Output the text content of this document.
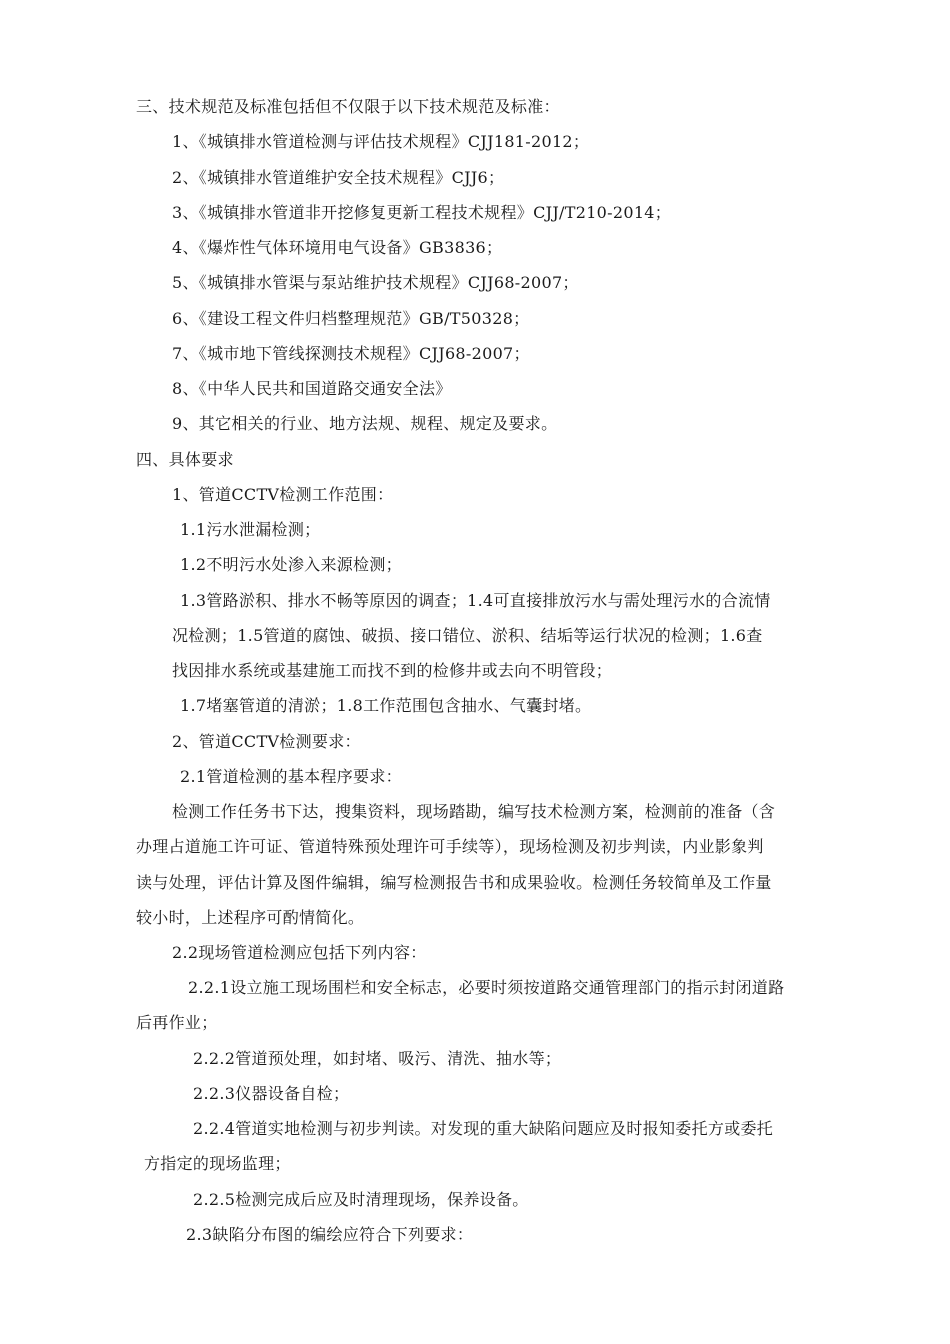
三、技术规范及标准包括但不仅限于以下技术规范及标准：
1、《城镇排水管道检测与评估技术规程》CJJ181-2012；
2、《城镇排水管道维护安全技术规程》CJJ6；
3、《城镇排水管道非开挖修复更新工程技术规程》CJJ/T210-2014；
4、《爆炸性气体环境用电气设备》GB3836；
5、《城镇排水管渠与泵站维护技术规程》CJJ68-2007；
6、《建设工程文件归档整理规范》GB/T50328；
7、《城市地下管线探测技术规程》CJJ68-2007；
8、《中华人民共和国道路交通安全法》
9、其它相关的行业、地方法规、规程、规定及要求。
四、具体要求
1、管道CCTV检测工作范围：
1.1污水泄漏检测；
1.2不明污水处渗入来源检测；
1.3管路淤积、排水不畅等原因的调查；1.4可直接排放污水与需处理污水的合流情
况检测；1.5管道的腐蚀、破损、接口错位、淤积、结垢等运行状况的检测；1.6查
找因排水系统或基建施工而找不到的检修井或去向不明管段；
1.7堵塞管道的清淤；1.8工作范围包含抽水、气囊封堵。
2、管道CCTV检测要求：
2.1管道检测的基本程序要求：
检测工作任务书下达，搜集资料，现场踏勘，编写技术检测方案，检测前的准备（含
办理占道施工许可证、管道特殊预处理许可手续等），现场检测及初步判读，内业影象判
读与处理，评估计算及图件编辑，编写检测报告书和成果验收。检测任务较简单及工作量
较小时，上述程序可酌情简化。
2.2现场管道检测应包括下列内容：
2.2.1设立施工现场围栏和安全标志，必要时须按道路交通管理部门的指示封闭道路
后再作业；
2.2.2管道预处理，如封堵、吸污、清洗、抽水等；
2.2.3仪器设备自检；
2.2.4管道实地检测与初步判读。对发现的重大缺陷问题应及时报知委托方或委托
方指定的现场监理；
2.2.5检测完成后应及时清理现场，保养设备。
2.3缺陷分布图的编绘应符合下列要求：
